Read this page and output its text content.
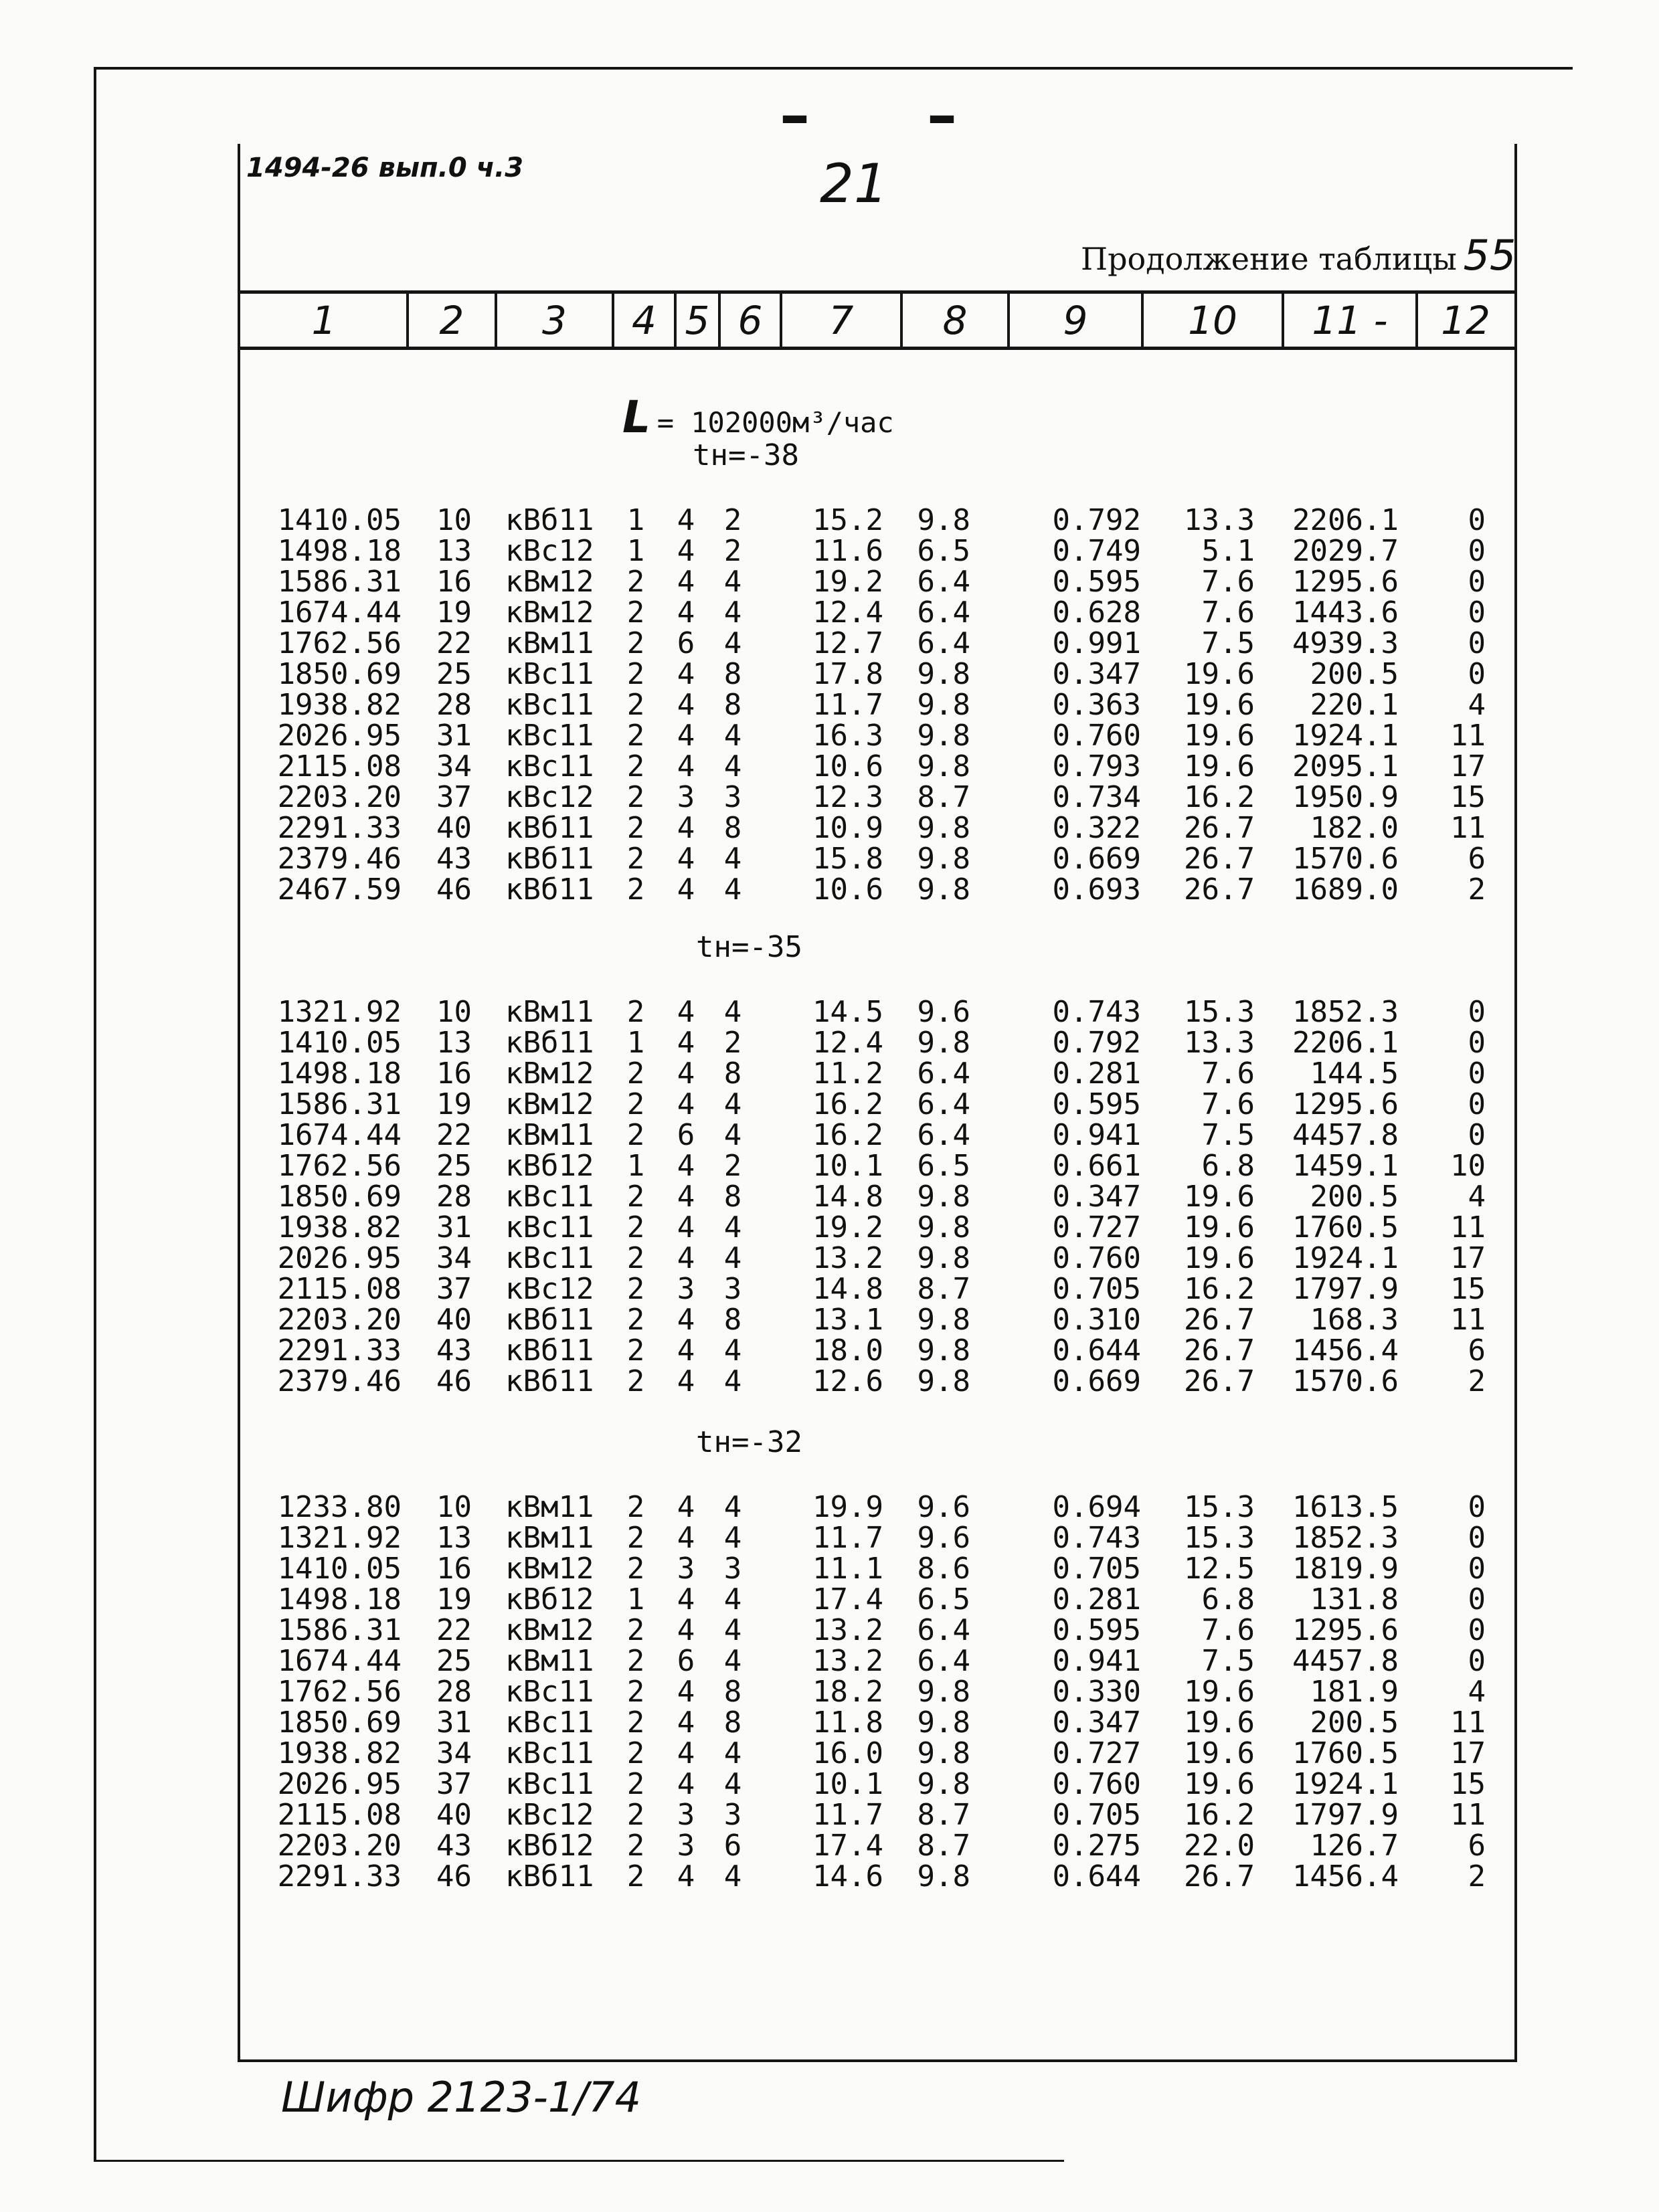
– –
1494-26 вып.0 ч.3	21
Продолжение таблицы 55
1	2	3	4 5 6	7	8	9	10	11 -	12
L = 102000м³/час
tн=-38
1410.05	10 кВб11	1 4 2	15.2	9.8	0.792	13.3	2206.1	0
1498.18	13 кВс12	1 4 2	11.6	6.5	0.749	5.1	2029.7	0
1586.31	16 кВм12	2 4 4	19.2	6.4	0.595	7.6	1295.6	0
1674.44	19 кВм12	2 4 4	12.4	6.4	0.628	7.6	1443.6	0
1762.56	22 кВм11	2 6 4	12.7	6.4	0.991	7.5	4939.3	0
1850.69	25 кВс11	2 4 8	17.8	9.8	0.347	19.6	200.5	0
1938.82	28 кВс11	2 4 8	11.7	9.8	0.363	19.6	220.1	4
2026.95	31 кВс11	2 4 4	16.3	9.8	0.760	19.6	1924.1	11
2115.08	34 кВс11	2 4 4	10.6	9.8	0.793	19.6	2095.1	17
2203.20	37 кВс12	2 3 3	12.3	8.7	0.734	16.2	1950.9	15
2291.33	40 кВб11	2 4 8	10.9	9.8	0.322	26.7	182.0	11
2379.46	43 кВб11	2 4 4	15.8	9.8	0.669	26.7	1570.6	6
2467.59	46 кВб11	2 4 4	10.6	9.8	0.693	26.7	1689.0	2
tн=-35
1321.92	10 кВм11	2 4 4	14.5	9.6	0.743	15.3	1852.3	0
1410.05	13 кВб11	1 4 2	12.4	9.8	0.792	13.3	2206.1	0
1498.18	16 кВм12	2 4 8	11.2	6.4	0.281	7.6	144.5	0
1586.31	19 кВм12	2 4 4	16.2	6.4	0.595	7.6	1295.6	0
1674.44	22 кВм11	2 6 4	16.2	6.4	0.941	7.5	4457.8	0
1762.56	25 кВб12	1 4 2	10.1	6.5	0.661	6.8	1459.1	10
1850.69	28 кВс11	2 4 8	14.8	9.8	0.347	19.6	200.5	4
1938.82	31 кВс11	2 4 4	19.2	9.8	0.727	19.6	1760.5	11
2026.95	34 кВс11	2 4 4	13.2	9.8	0.760	19.6	1924.1	17
2115.08	37 кВс12	2 3 3	14.8	8.7	0.705	16.2	1797.9	15
2203.20	40 кВб11	2 4 8	13.1	9.8	0.310	26.7	168.3	11
2291.33	43 кВб11	2 4 4	18.0	9.8	0.644	26.7	1456.4	6
2379.46	46 кВб11	2 4 4	12.6	9.8	0.669	26.7	1570.6	2
tн=-32
1233.80	10 кВм11	2 4 4	19.9	9.6	0.694	15.3	1613.5	0
1321.92	13 кВм11	2 4 4	11.7	9.6	0.743	15.3	1852.3	0
1410.05	16 кВм12	2 3 3	11.1	8.6	0.705	12.5	1819.9	0
1498.18	19 кВб12	1 4 4	17.4	6.5	0.281	6.8	131.8	0
1586.31	22 кВм12	2 4 4	13.2	6.4	0.595	7.6	1295.6	0
1674.44	25 кВм11	2 6 4	13.2	6.4	0.941	7.5	4457.8	0
1762.56	28 кВс11	2 4 8	18.2	9.8	0.330	19.6	181.9	4
1850.69	31 кВс11	2 4 8	11.8	9.8	0.347	19.6	200.5	11
1938.82	34 кВс11	2 4 4	16.0	9.8	0.727	19.6	1760.5	17
2026.95	37 кВс11	2 4 4	10.1	9.8	0.760	19.6	1924.1	15
2115.08	40 кВс12	2 3 3	11.7	8.7	0.705	16.2	1797.9	11
2203.20	43 кВб12	2 3 6	17.4	8.7	0.275	22.0	126.7	6
2291.33	46 кВб11	2 4 4	14.6	9.8	0.644	26.7	1456.4	2
Шифр 2123-1/74
